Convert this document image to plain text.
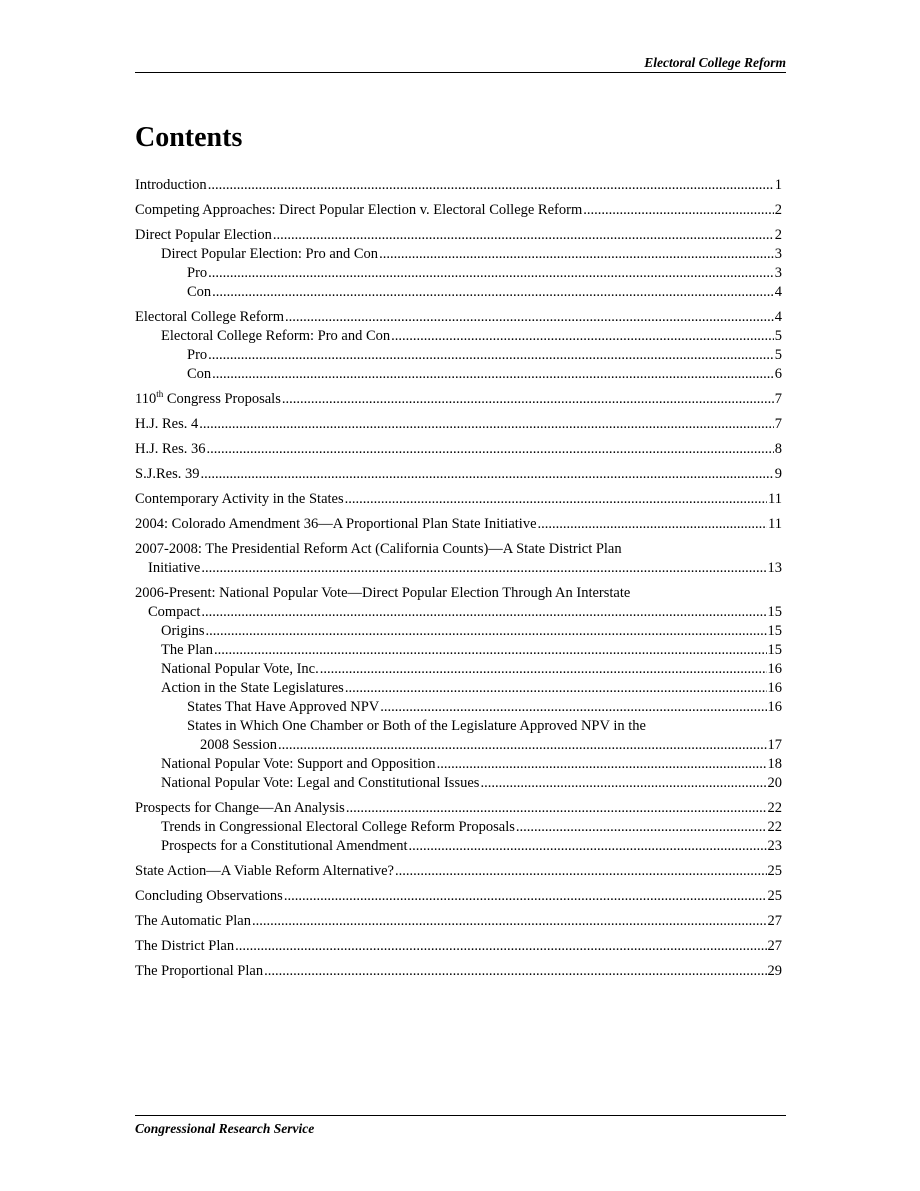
Electoral College Reform
Contents
Introduction .....	1
Competing Approaches: Direct Popular Election v. Electoral College Reform .....	2
Direct Popular Election .....	2
Direct Popular Election: Pro and Con .....	3
Pro .....	3
Con .....	4
Electoral College Reform .....	4
Electoral College Reform: Pro and Con .....	5
Pro .....	5
Con .....	6
110th Congress Proposals .....	7
H.J. Res. 4 .....	7
H.J. Res. 36 .....	8
S.J.Res. 39 .....	9
Contemporary Activity in the States .....	11
2004: Colorado Amendment 36—A Proportional Plan State Initiative .....	11
2007-2008: The Presidential Reform Act (California Counts)—A State District Plan
Initiative .....	13
2006-Present: National Popular Vote—Direct Popular Election Through An Interstate
Compact .....	15
Origins .....	15
The Plan .....	15
National Popular Vote, Inc. .....	16
Action in the State Legislatures .....	16
States That Have Approved NPV .....	16
States in Which One Chamber or Both of the Legislature Approved NPV in the
2008 Session .....	17
National Popular Vote: Support and Opposition .....	18
National Popular Vote: Legal and Constitutional Issues .....	20
Prospects for Change—An Analysis .....	22
Trends in Congressional Electoral College Reform Proposals .....	22
Prospects for a Constitutional Amendment .....	23
State Action—A Viable Reform Alternative? .....	25
Concluding Observations .....	25
The Automatic Plan .....	27
The District Plan .....	27
The Proportional Plan .....	29
Congressional Research Service
